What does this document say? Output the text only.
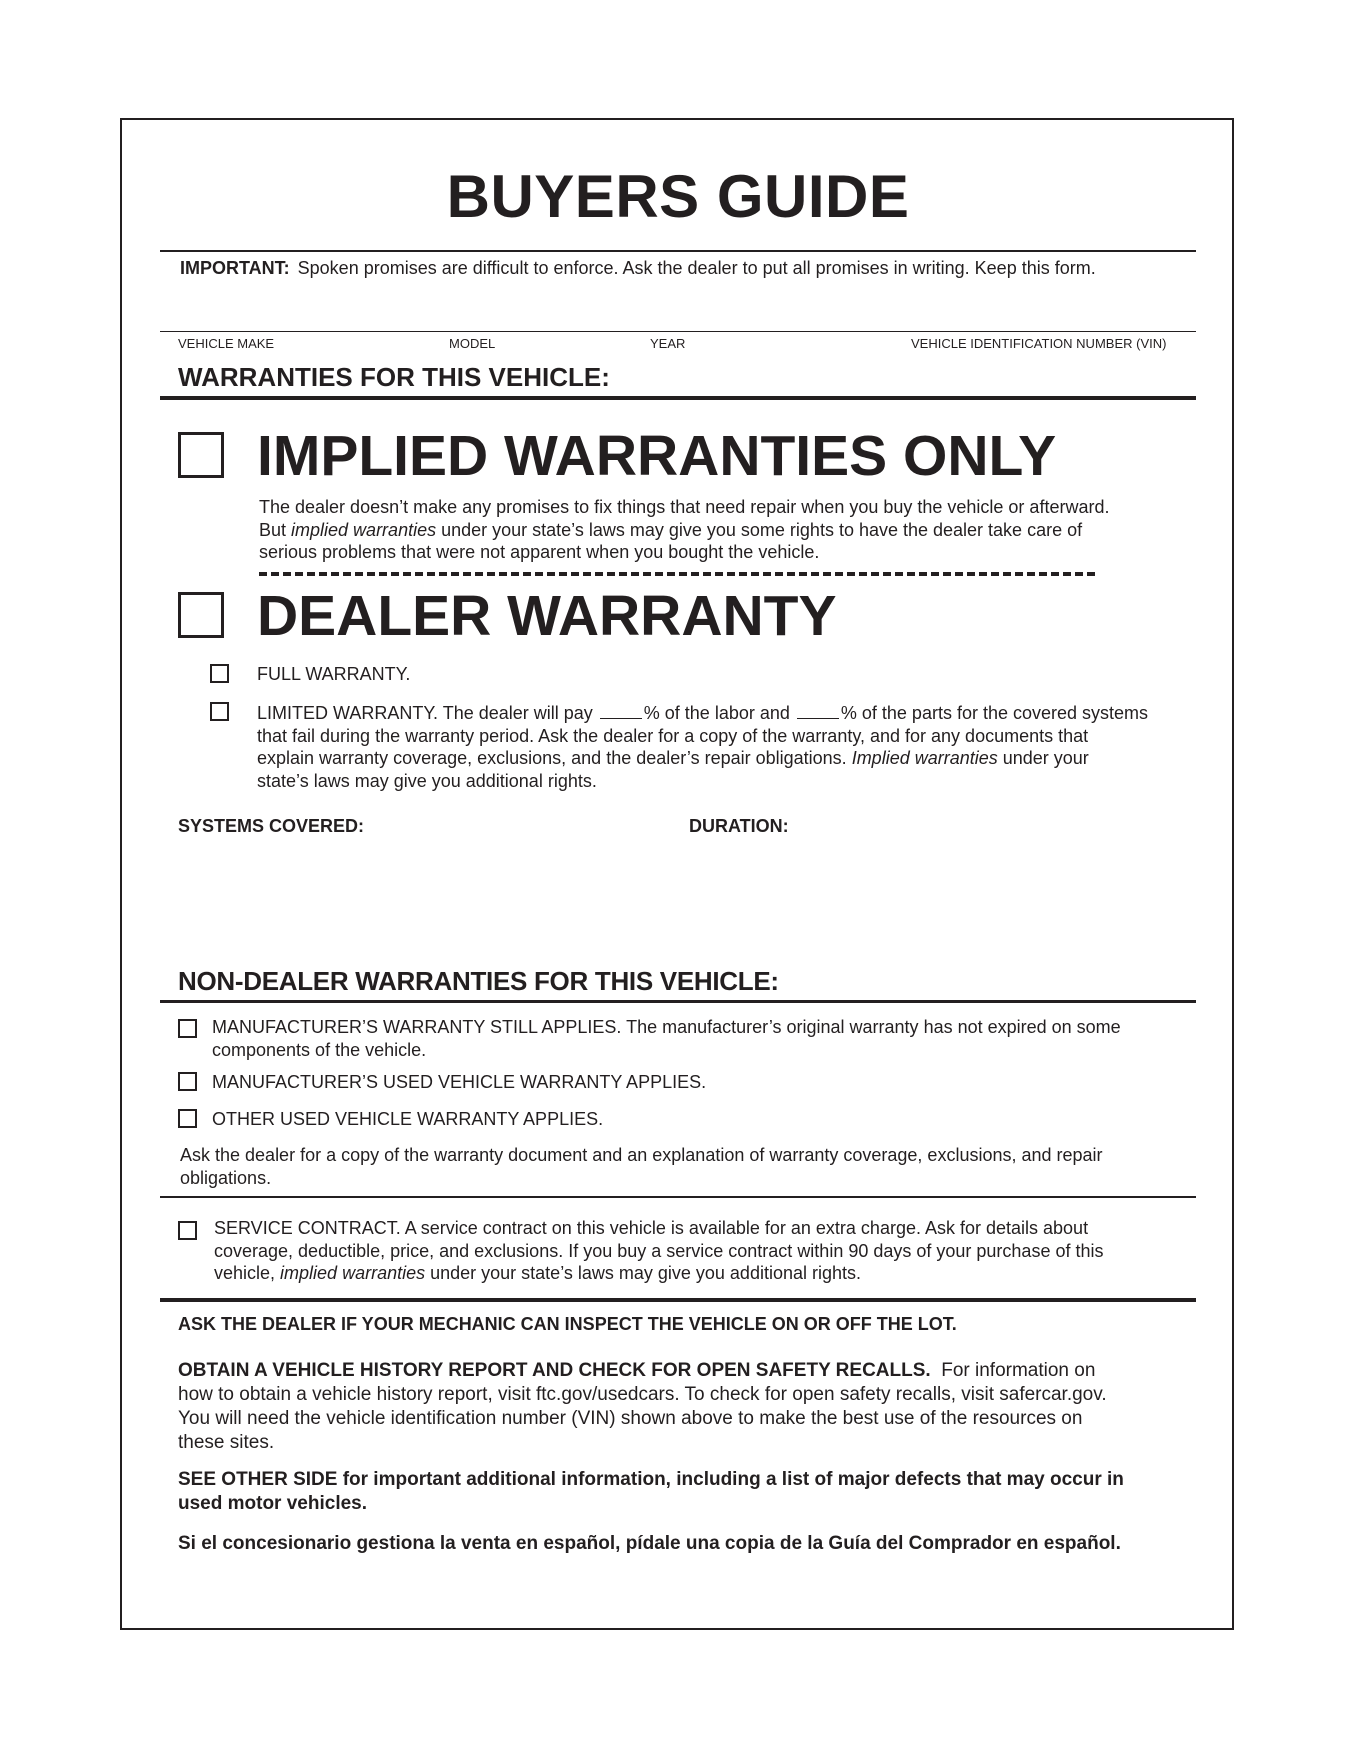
BUYERS GUIDE
IMPORTANT: Spoken promises are difficult to enforce. Ask the dealer to put all promises in writing. Keep this form.
VEHICLE MAKE	MODEL	YEAR	VEHICLE IDENTIFICATION NUMBER (VIN)
WARRANTIES FOR THIS VEHICLE:
IMPLIED WARRANTIES ONLY
The dealer doesn’t make any promises to fix things that need repair when you buy the vehicle or afterward.
But implied warranties under your state’s laws may give you some rights to have the dealer take care of
serious problems that were not apparent when you bought the vehicle.
DEALER WARRANTY
FULL WARRANTY.
LIMITED WARRANTY. The dealer will pay	% of the labor and	% of the parts for the covered systems
that fail during the warranty period. Ask the dealer for a copy of the warranty, and for any documents that
explain warranty coverage, exclusions, and the dealer’s repair obligations. Implied warranties under your
state’s laws may give you additional rights.
SYSTEMS COVERED:	DURATION:
NON-DEALER WARRANTIES FOR THIS VEHICLE:
MANUFACTURER’S WARRANTY STILL APPLIES. The manufacturer’s original warranty has not expired on some
components of the vehicle.
MANUFACTURER’S USED VEHICLE WARRANTY APPLIES.
OTHER USED VEHICLE WARRANTY APPLIES.
Ask the dealer for a copy of the warranty document and an explanation of warranty coverage, exclusions, and repair
obligations.
SERVICE CONTRACT. A service contract on this vehicle is available for an extra charge. Ask for details about
coverage, deductible, price, and exclusions. If you buy a service contract within 90 days of your purchase of this
vehicle, implied warranties under your state’s laws may give you additional rights.
ASK THE DEALER IF YOUR MECHANIC CAN INSPECT THE VEHICLE ON OR OFF THE LOT.
OBTAIN A VEHICLE HISTORY REPORT AND CHECK FOR OPEN SAFETY RECALLS.  For information on
how to obtain a vehicle history report, visit ftc.gov/usedcars. To check for open safety recalls, visit safercar.gov.
You will need the vehicle identification number (VIN) shown above to make the best use of the resources on
these sites.
SEE OTHER SIDE for important additional information, including a list of major defects that may occur in
used motor vehicles.
Si el concesionario gestiona la venta en español, pídale una copia de la Guía del Comprador en español.
